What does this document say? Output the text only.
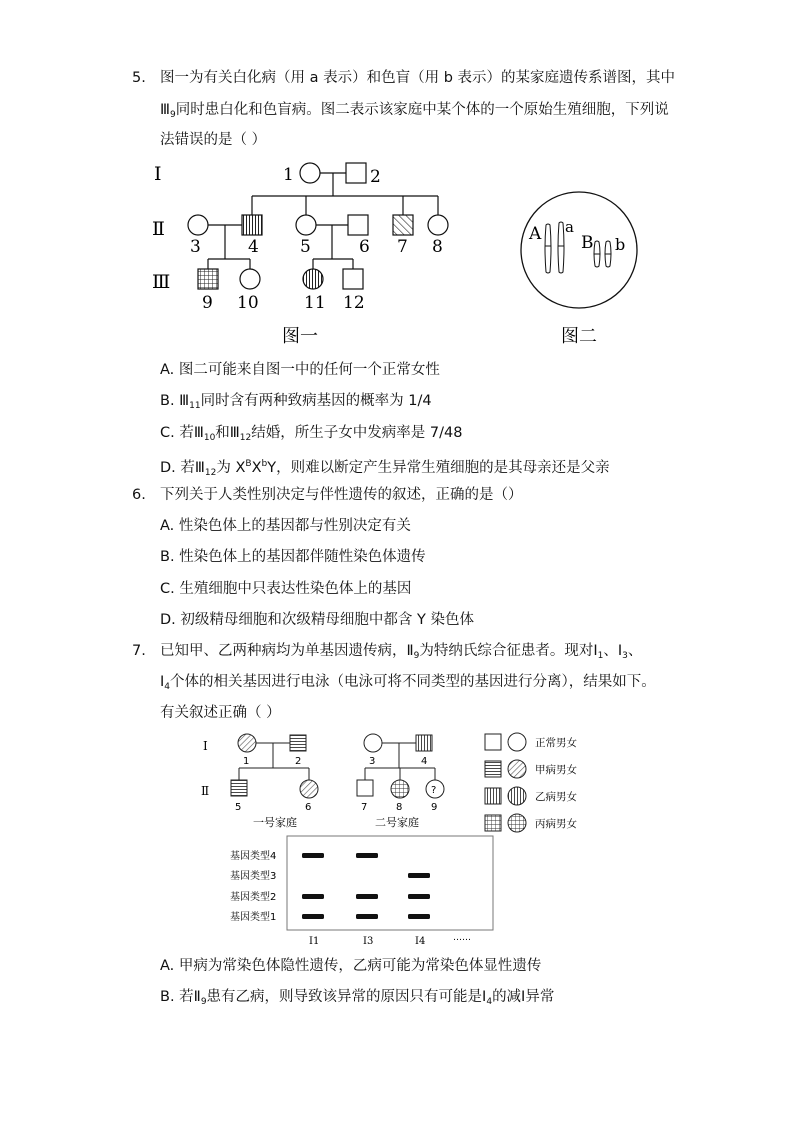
5. 图一为有关白化病（用 a 表示）和色盲（用 b 表示）的某家庭遗传系谱图，其中
$Ⅲ_9$同时患白化和色盲病。图二表示该家庭中某个体的一个原始生殖细胞，下列说
法错误的是（ ）
Ⅰ
Ⅱ
Ⅲ
1	2
3	4 5	6 7 8
9 10	11 12
图一
A a
B b
图二
A. 图二可能来自图一中的任何一个正常女性
B. $Ⅲ_{11}$同时含有两种致病基因的概率为 1/4
C. 若$Ⅲ_{10}$和$Ⅲ_{12}$结婚，所生子女中发病率是 7/48
D. 若$Ⅲ_{12}$为 $X^BX^bY$，则难以断定产生异常生殖细胞的是其母亲还是父亲
6. 下列关于人类性别决定与伴性遗传的叙述，正确的是（）
A. 性染色体上的基因都与性别决定有关
B. 性染色体上的基因都伴随性染色体遗传
C. 生殖细胞中只表达性染色体上的基因
D. 初级精母细胞和次级精母细胞中都含 Y 染色体
7. 已知甲、乙两种病均为单基因遗传病，$Ⅱ_9$为特纳氏综合征患者。现对$Ⅰ_1$、$Ⅰ_3$、
$Ⅰ_4$个体的相关基因进行电泳（电泳可将不同类型的基因进行分离），结果如下。
有关叙述正确（ ）
Ⅰ
Ⅱ
1	2
5	6
一号家庭
3	4
?
7	8	9
二号家庭
正常男女
甲病男女
乙病男女
丙病男女
基因类型4
基因类型3
基因类型2
基因类型1
Ⅰ1	Ⅰ3	Ⅰ4	……
A. 甲病为常染色体隐性遗传，乙病可能为常染色体显性遗传
B. 若$Ⅱ_9$患有乙病，则导致该异常的原因只有可能是$Ⅰ_4$的减Ⅰ异常
